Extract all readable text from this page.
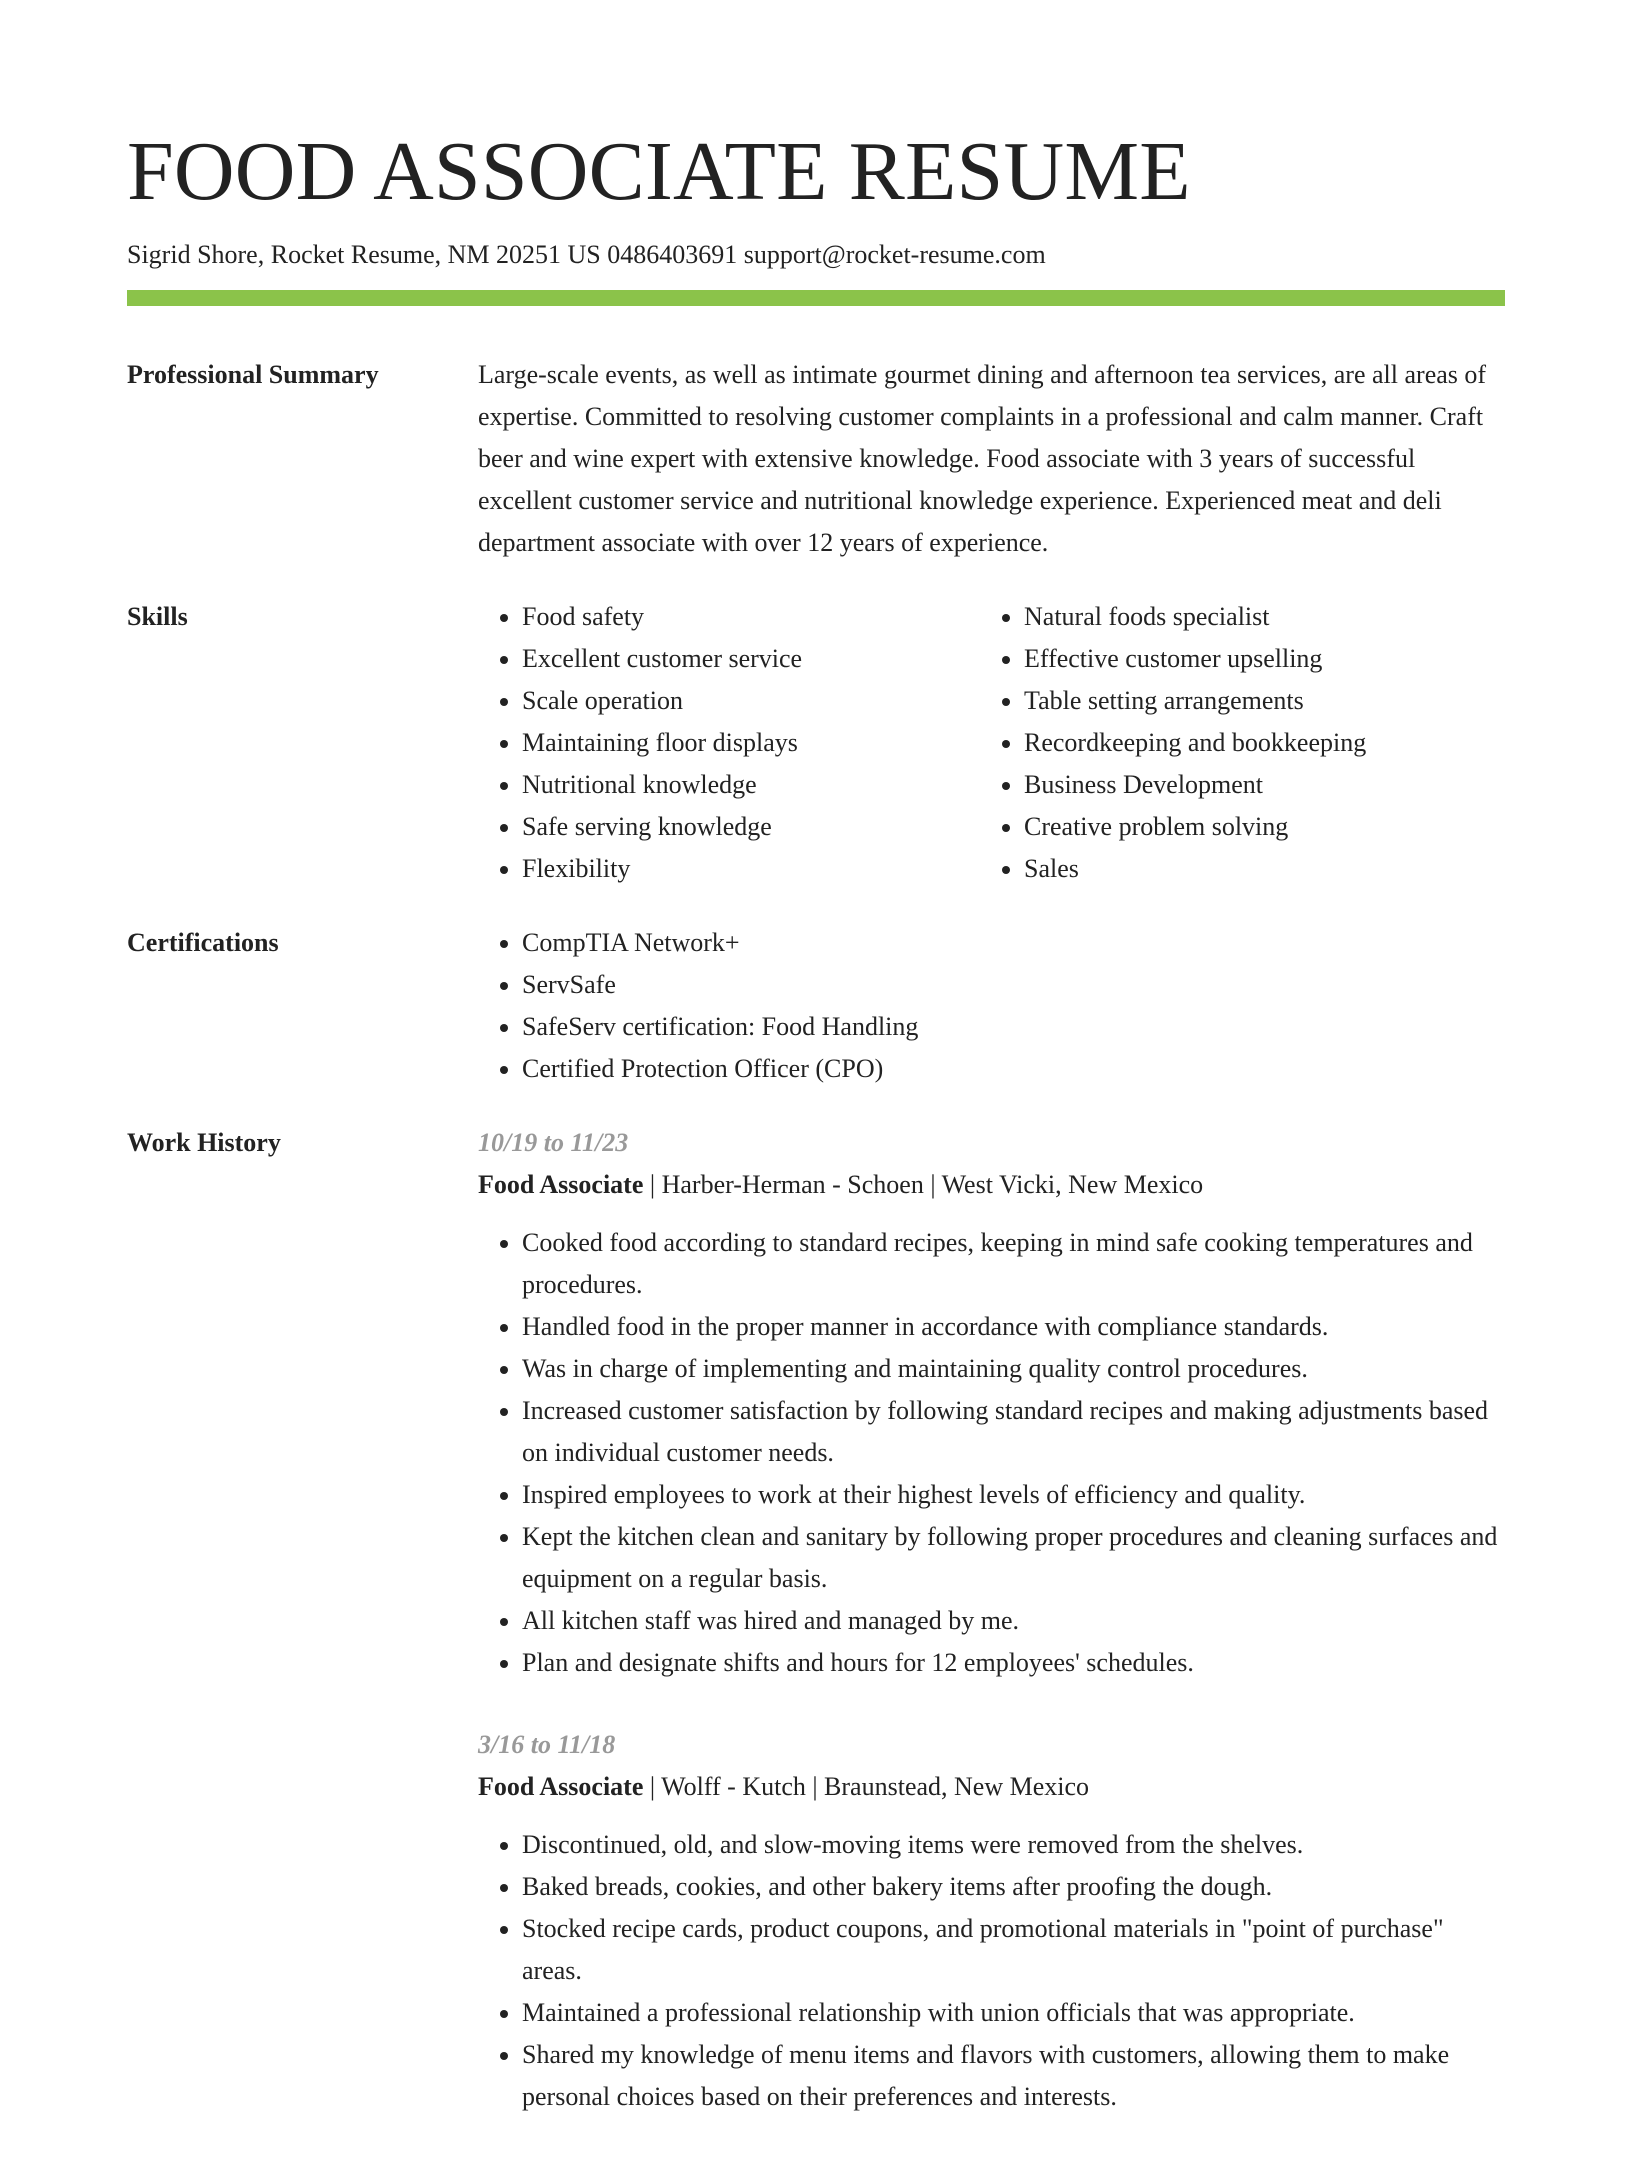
FOOD ASSOCIATE RESUME
Sigrid Shore, Rocket Resume, NM 20251 US 0486403691 support@rocket-resume.com
Professional Summary	Large-scale events, as well as intimate gourmet dining and afternoon tea services, are all areas of expertise. Committed to resolving customer complaints in a professional and calm manner. Craft beer and wine expert with extensive knowledge. Food associate with 3 years of successful excellent customer service and nutritional knowledge experience. Experienced meat and deli department associate with over 12 years of experience.

Skills	• Food safety
• Excellent customer service
• Scale operation
• Maintaining floor displays
• Nutritional knowledge
• Safe serving knowledge
• Flexibility
• Natural foods specialist
• Effective customer upselling
• Table setting arrangements
• Recordkeeping and bookkeeping
• Business Development
• Creative problem solving
• Sales
Certifications	• CompTIA Network+
• ServSafe
• SafeServ certification: Food Handling
• Certified Protection Officer (CPO)
Work History	10/19 to 11/23
Food Associate | Harber-Herman - Schoen | West Vicki, New Mexico
• Cooked food according to standard recipes, keeping in mind safe cooking temperatures and procedures.
• Handled food in the proper manner in accordance with compliance standards.
• Was in charge of implementing and maintaining quality control procedures.
• Increased customer satisfaction by following standard recipes and making adjustments based on individual customer needs.
• Inspired employees to work at their highest levels of efficiency and quality.
• Kept the kitchen clean and sanitary by following proper procedures and cleaning surfaces and equipment on a regular basis.
• All kitchen staff was hired and managed by me.
• Plan and designate shifts and hours for 12 employees' schedules.
3/16 to 11/18
Food Associate | Wolff - Kutch | Braunstead, New Mexico
• Discontinued, old, and slow-moving items were removed from the shelves.
• Baked breads, cookies, and other bakery items after proofing the dough.
• Stocked recipe cards, product coupons, and promotional materials in "point of purchase" areas.
• Maintained a professional relationship with union officials that was appropriate.
• Shared my knowledge of menu items and flavors with customers, allowing them to make personal choices based on their preferences and interests.
